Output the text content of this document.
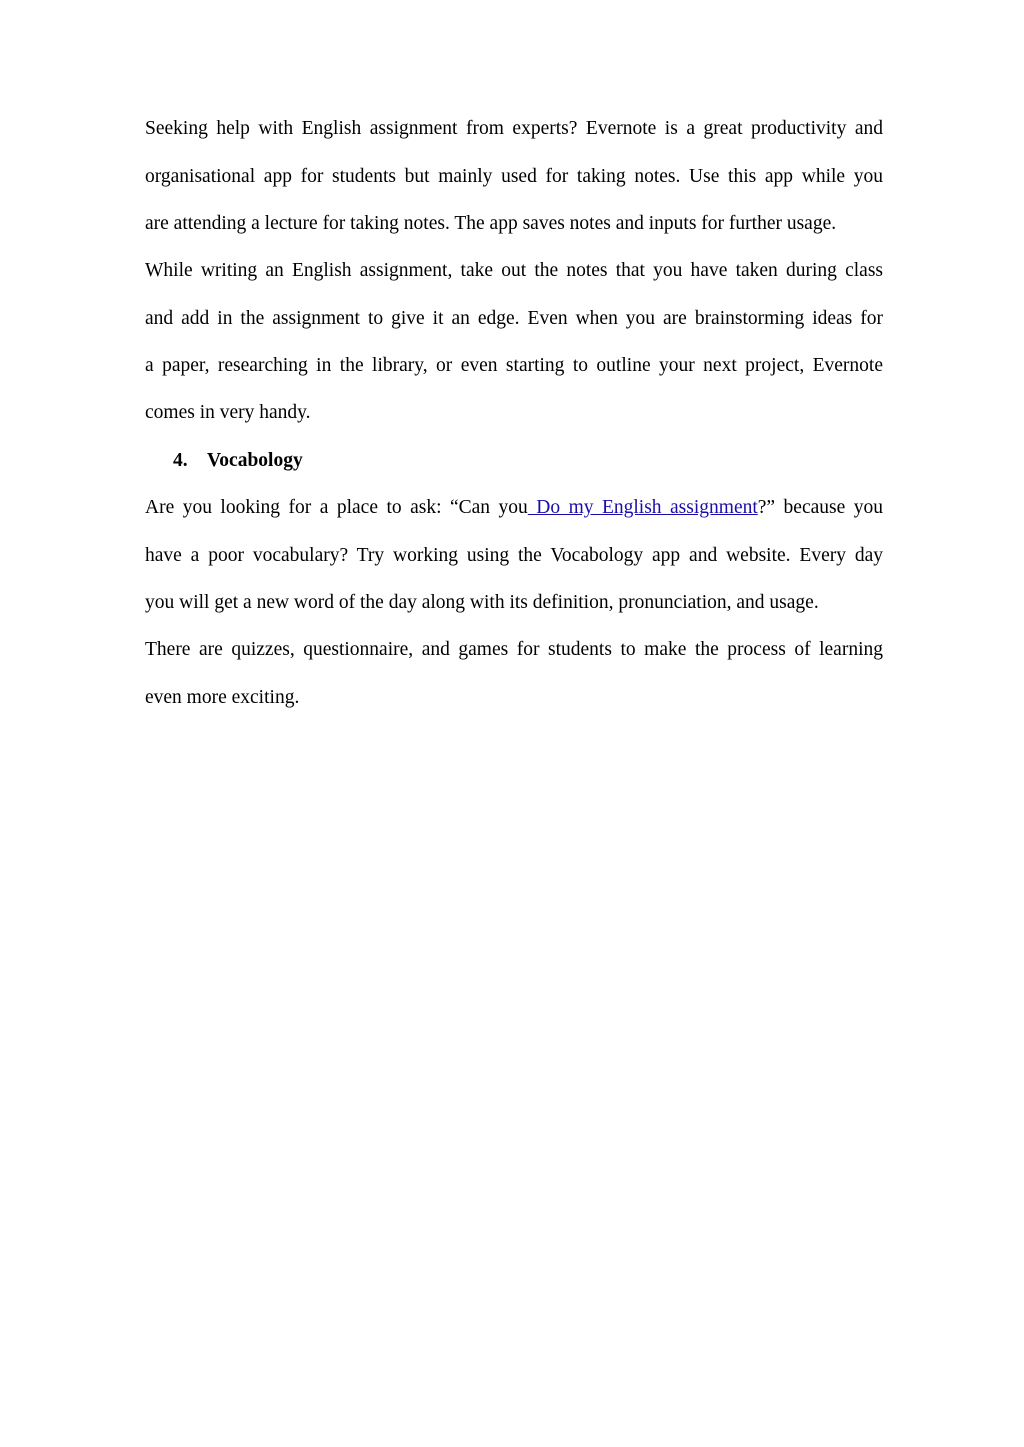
Seeking help with English assignment from experts? Evernote is a great productivity and
organisational app for students but mainly used for taking notes. Use this app while you
are attending a lecture for taking notes. The app saves notes and inputs for further usage.
While writing an English assignment, take out the notes that you have taken during class
and add in the assignment to give it an edge. Even when you are brainstorming ideas for
a paper, researching in the library, or even starting to outline your next project, Evernote
comes in very handy.
4. Vocabology
Are you looking for a place to ask: “Can you Do my English assignment?” because you
have a poor vocabulary? Try working using the Vocabology app and website. Every day
you will get a new word of the day along with its definition, pronunciation, and usage.
There are quizzes, questionnaire, and games for students to make the process of learning
even more exciting.
